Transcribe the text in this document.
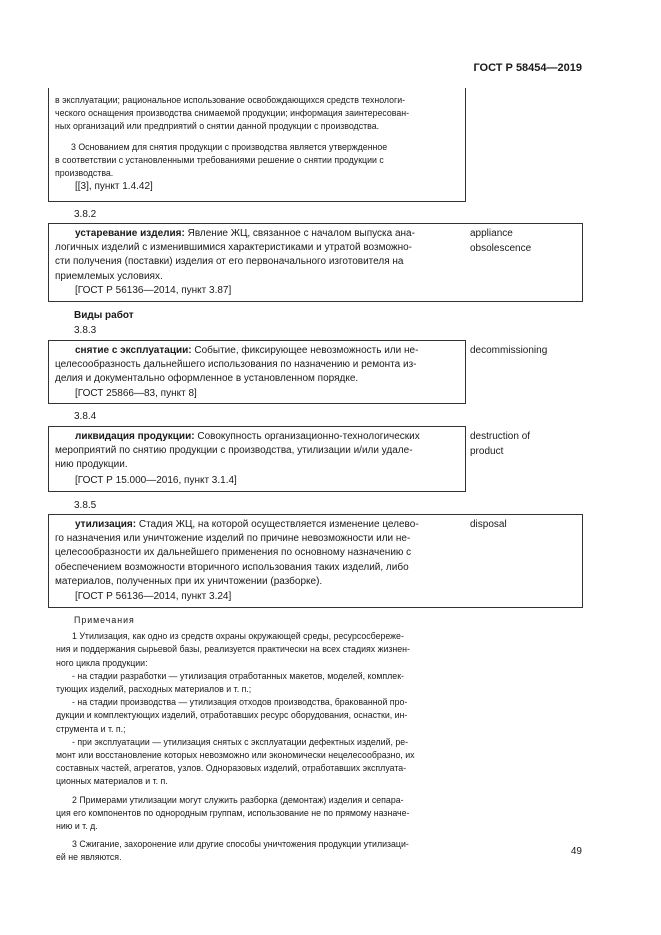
ГОСТ Р 58454—2019
в эксплуатации; рациональное использование освобождающихся средств технологи-
ческого оснащения производства снимаемой продукции; информация заинтересован-
ных организаций или предприятий о снятии данной продукции с производства.
3 Основанием для снятия продукции с производства является утвержденное
в соответствии с установленными требованиями решение о снятии продукции с
производства.
[[3], пункт 1.4.42]
3.8.2
устаревание изделия: Явление ЖЦ, связанное с началом выпуска ана-
логичных изделий с изменившимися характеристиками и утратой возможно-
сти получения (поставки) изделия от его первоначального изготовителя на
приемлемых условиях.
[ГОСТ Р 56136—2014, пункт 3.87]
appliance
obsolescence
Виды работ
3.8.3
снятие с эксплуатации: Событие, фиксирующее невозможность или не-
целесообразность дальнейшего использования по назначению и ремонта из-
делия и документально оформленное в установленном порядке.
[ГОСТ 25866—83, пункт 8]
decommissioning
3.8.4
ликвидация продукции: Совокупность организационно-технологических
мероприятий по снятию продукции с производства, утилизации и/или удале-
нию продукции.
[ГОСТ Р 15.000—2016, пункт 3.1.4]
destruction of
product
3.8.5
утилизация: Стадия ЖЦ, на которой осуществляется изменение целево-
го назначения или уничтожение изделий по причине невозможности или не-
целесообразности их дальнейшего применения по основному назначению с
обеспечением возможности вторичного использования таких изделий, либо
материалов, полученных при их уничтожении (разборке).
[ГОСТ Р 56136—2014, пункт 3.24]
disposal
Примечания

1 Утилизация, как одно из средств охраны окружающей среды, ресурсосбереже-
ния и поддержания сырьевой базы, реализуется практически на всех стадиях жизнен-
ного цикла продукции:

- на стадии разработки — утилизация отработанных макетов, моделей, комплек-
тующих изделий, расходных материалов и т. п.;

- на стадии производства — утилизация отходов производства, бракованной про-
дукции и комплектующих изделий, отработавших ресурс оборудования, оснастки, ин-
струмента и т. п.;

- при эксплуатации — утилизация снятых с эксплуатации дефектных изделий, ре-
монт или восстановление которых невозможно или экономически нецелесообразно, их
составных частей, агрегатов, узлов. Одноразовых изделий, отработавших эксплуата-
ционных материалов и т. п.

2 Примерами утилизации могут служить разборка (демонтаж) изделия и сепара-
ция его компонентов по однородным группам, использование не по прямому назначе-
нию и т. д.

3 Сжигание, захоронение или другие способы уничтожения продукции утилизаци-
ей не являются.

49
